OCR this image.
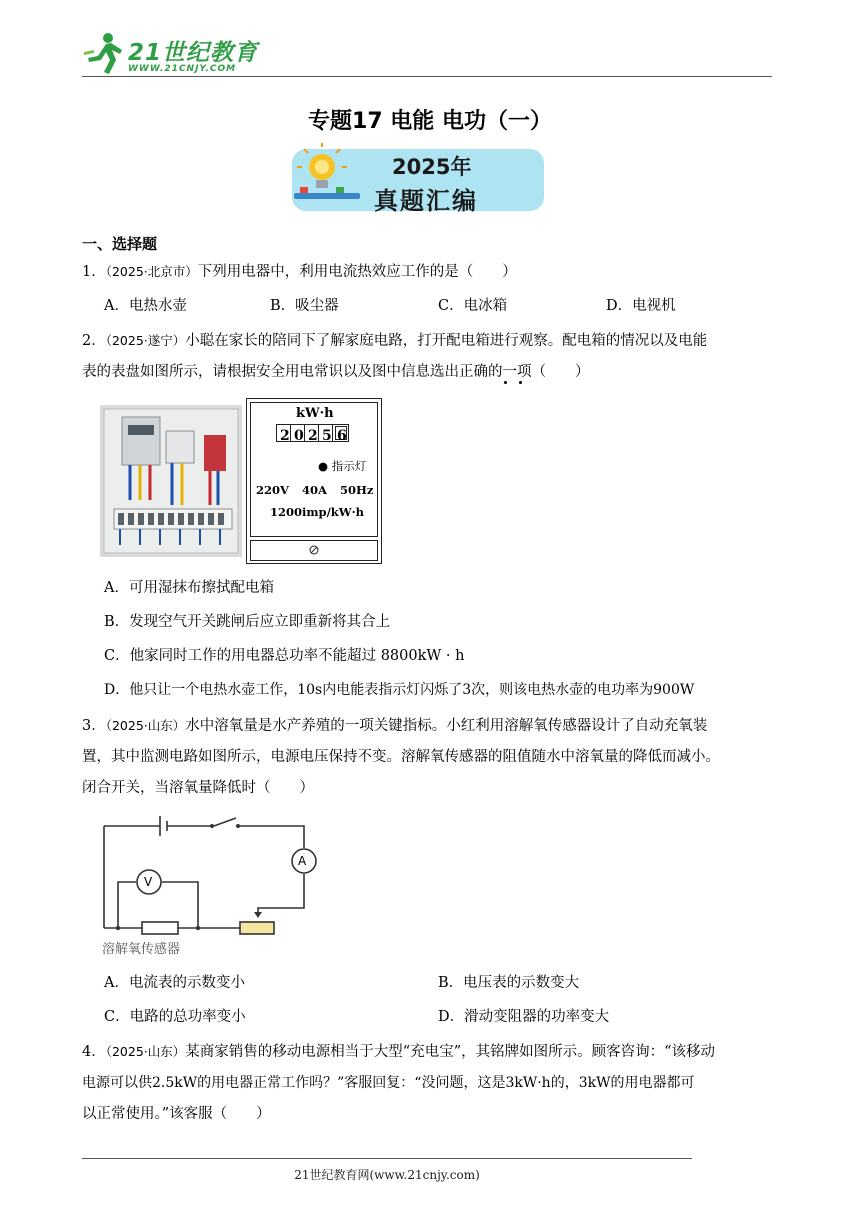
21世纪教育
WWW.21CNJY.COM
专题17 电能 电功（一）
2025年
真题汇编
一、选择题
1．（2025·北京市）下列用电器中，利用电流热效应工作的是（　　）
A．电热水壶	B．吸尘器	C．电冰箱	D．电视机
2．（2025·遂宁）小聪在家长的陪同下了解家庭电路，打开配电箱进行观察。配电箱的情况以及电能
表的表盘如图所示，请根据安全用电常识以及图中信息选出正确的一项（　　）
kW·h
2 0 2 5 6
● 指示灯
220V 40A 50Hz
1200imp/kW·h
A．可用湿抹布擦拭配电箱
B．发现空气开关跳闸后应立即重新将其合上
C．他家同时工作的用电器总功率不能超过 8800kW · h
D．他只让一个电热水壶工作，10s内电能表指示灯闪烁了3次，则该电热水壶的电功率为900W
3．（2025·山东）水中溶氧量是水产养殖的一项关键指标。小红利用溶解氧传感器设计了自动充氧装
置，其中监测电路如图所示，电源电压保持不变。溶解氧传感器的阻值随水中溶氧量的降低而减小。
闭合开关，当溶氧量降低时（　　）
A
V
溶解氧传感器
A．电流表的示数变小	B．电压表的示数变大
C．电路的总功率变小	D．滑动变阻器的功率变大
4．（2025·山东）某商家销售的移动电源相当于大型“充电宝”，其铭牌如图所示。顾客咨询：“该移动
电源可以供2.5kW的用电器正常工作吗？”客服回复：“没问题，这是3kW·h的，3kW的用电器都可
以正常使用。”该客服（　　）
21世纪教育网(www.21cnjy.com)
